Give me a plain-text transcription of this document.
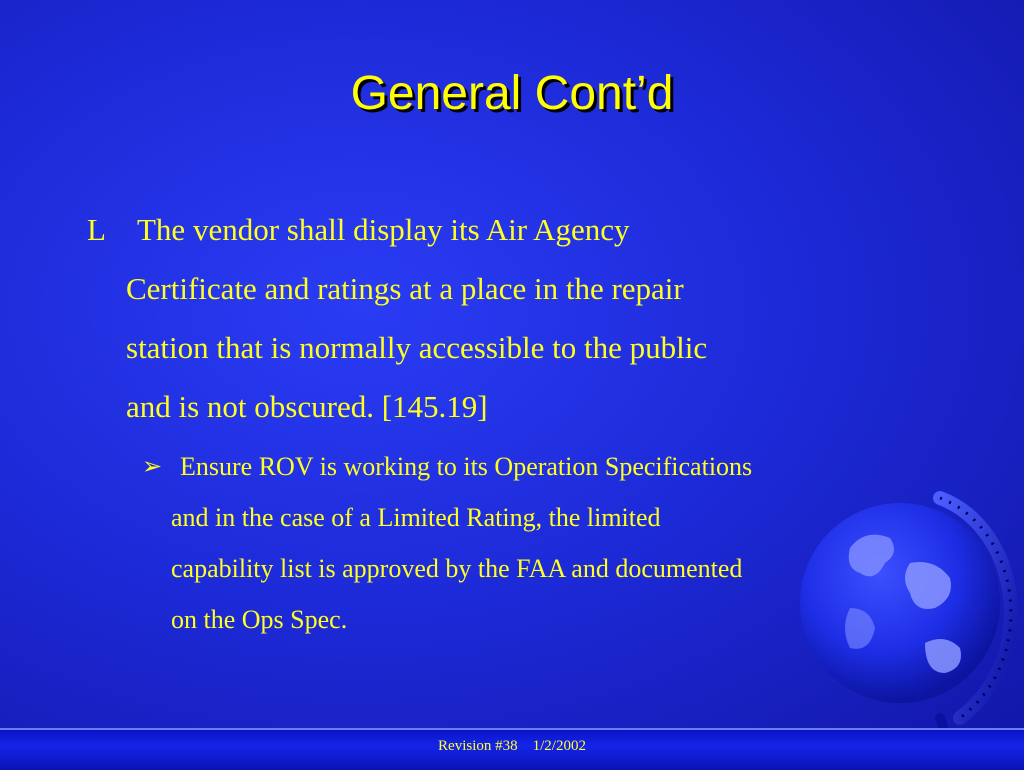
General Cont’d
L The vendor shall display its Air Agency
Certificate and ratings at a place in the repair
station that is normally accessible to the public
and is not obscured. [145.19]
➢ Ensure ROV is working to its Operation Specifications
and in the case of a Limited Rating, the limited
capability list is approved by the FAA and documented
on the Ops Spec.
Revision #38    1/2/2002
